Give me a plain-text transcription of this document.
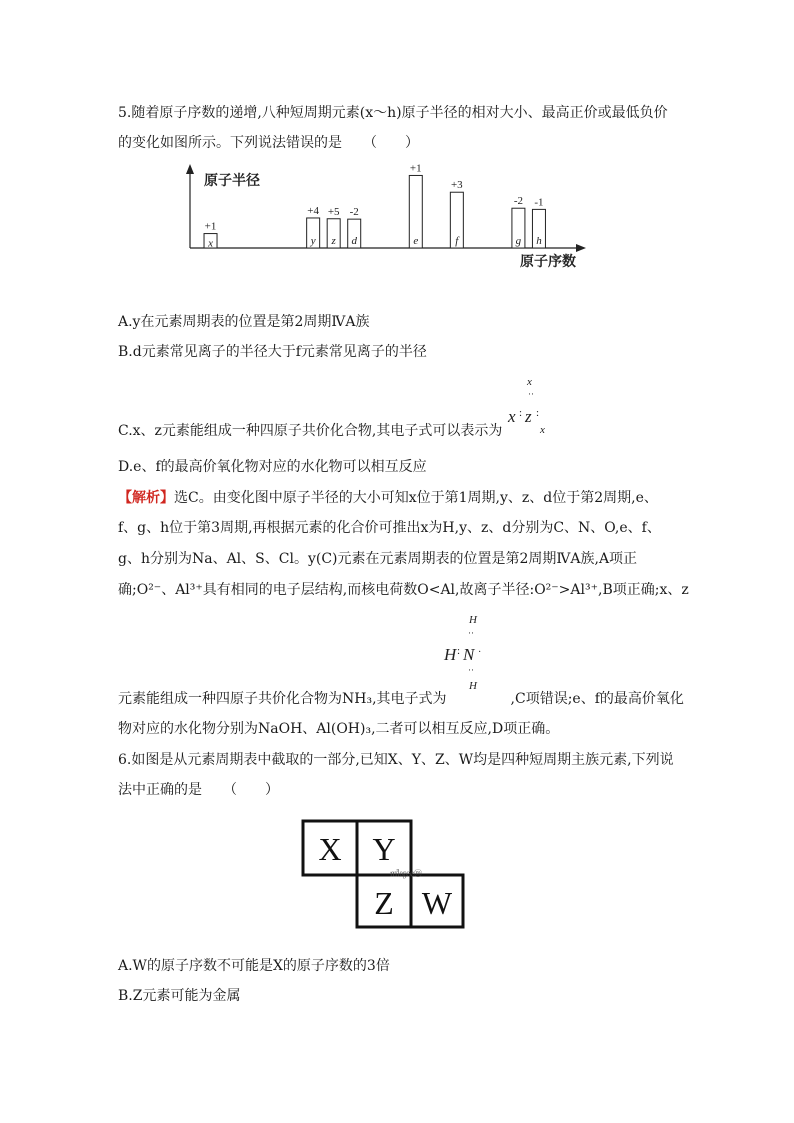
5.随着原子序数的递增,八种短周期元素(x～h)原子半径的相对大小、最高正价或最低负价
的变化如图所示。下列说法错误的是　　（　　）
原子半径
原子序数
x
+1
y
+4
z
+5
d
-2
e
+1
f
+3
g
-2
h
-1
A.y在元素周期表的位置是第2周期ⅣA族
B.d元素常见离子的半径大于f元素常见离子的半径
C.x、z元素能组成一种四原子共价化合物,其电子式可以表示为
x
··
x : z :
x
D.e、f的最高价氧化物对应的水化物可以相互反应
【解析】选C。由变化图中原子半径的大小可知x位于第1周期,y、z、d位于第2周期,e、
f、g、h位于第3周期,再根据元素的化合价可推出x为H,y、z、d分别为C、N、O,e、f、
g、h分别为Na、Al、S、Cl。y(C)元素在元素周期表的位置是第2周期ⅣA族,A项正
确;O²⁻、Al³⁺具有相同的电子层结构,而核电荷数O<Al,故离子半径:O²⁻>Al³⁺,B项正确;x、z
H
··
H : N ·
··
H
元素能组成一种四原子共价化合物为NH₃,其电子式为	,C项错误;e、f的最高价氧化
物对应的水化物分别为NaOH、Al(OH)₃,二者可以相互反应,D项正确。
6.如图是从元素周期表中截取的一部分,已知X、Y、Z、W均是四种短周期主族元素,下列说
法中正确的是　　（　　）
X Y
Z W
㎡㏒㏄ⓜ
A.W的原子序数不可能是X的原子序数的3倍
B.Z元素可能为金属
